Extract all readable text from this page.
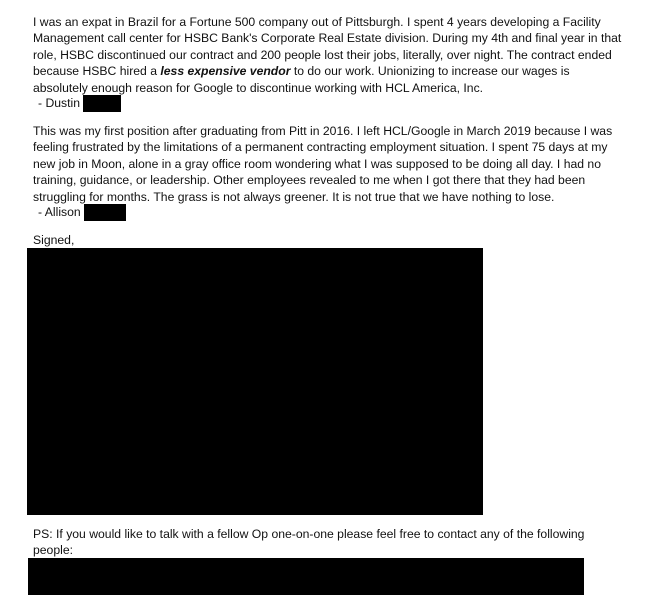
I was an expat in Brazil for a Fortune 500 company out of Pittsburgh. I spent 4 years developing a Facility Management call center for HSBC Bank's Corporate Real Estate division. During my 4th and final year in that role, HSBC discontinued our contract and 200 people lost their jobs, literally, over night. The contract ended because HSBC hired a less expensive vendor to do our work. Unionizing to increase our wages is absolutely enough reason for Google to discontinue working with HCL America, Inc.

- Dustin

This was my first position after graduating from Pitt in 2016. I left HCL/Google in March 2019 because I was feeling frustrated by the limitations of a permanent contracting employment situation. I spent 75 days at my new job in Moon, alone in a gray office room wondering what I was supposed to be doing all day. I had no training, guidance, or leadership. Other employees revealed to me when I got there that they had been struggling for months. The grass is not always greener. It is not true that we have nothing to lose.

- Allison
Signed,

PS: If you would like to talk with a fellow Op one-on-one please feel free to contact any of the following people:
